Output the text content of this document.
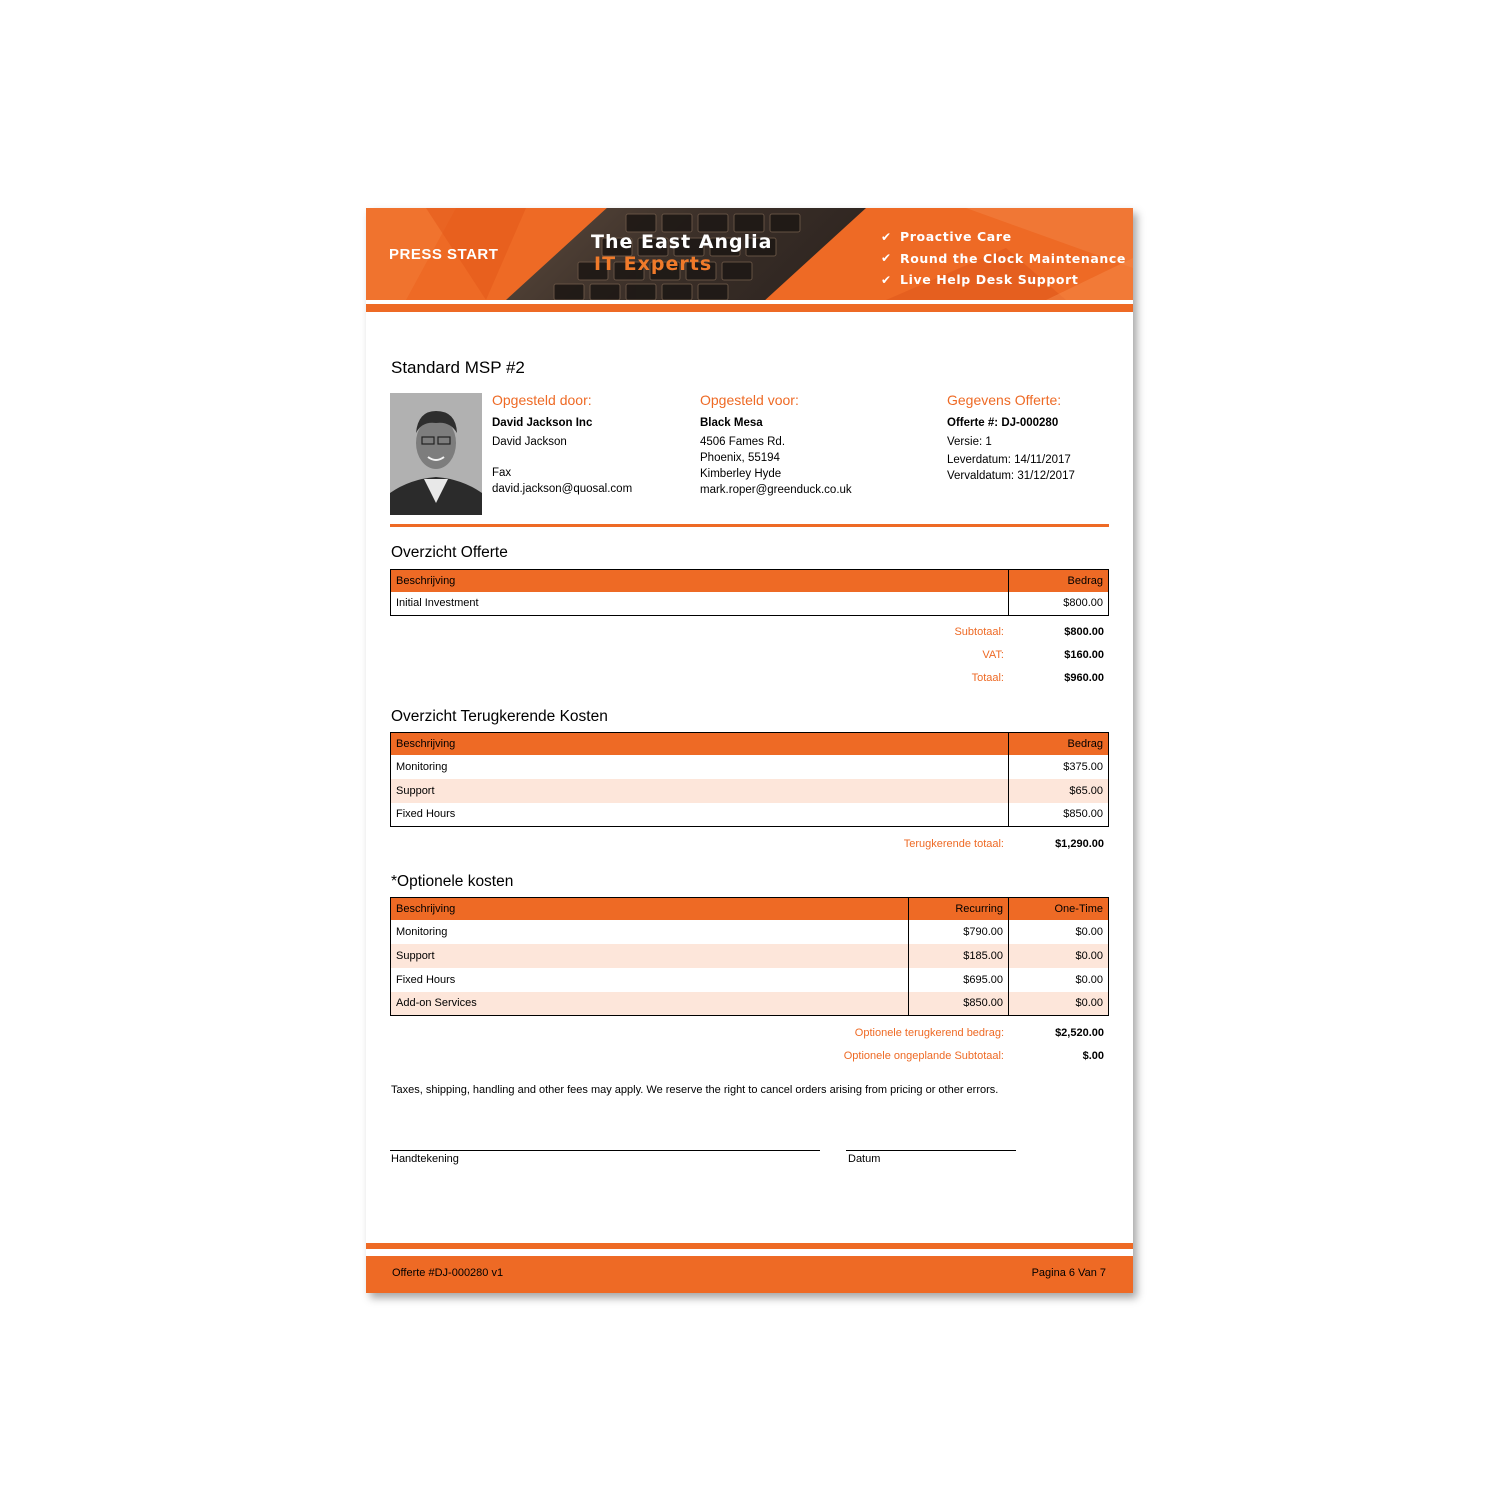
PRESS START
The East Anglia
IT Experts
✔ Proactive Care
✔ Round the Clock Maintenance
✔ Live Help Desk Support
Standard MSP #2
Opgesteld door:
David Jackson Inc
David Jackson
Fax
david.jackson@quosal.com
Opgesteld voor:
Black Mesa
4506 Fames Rd.
Phoenix, 55194
Kimberley Hyde
mark.roper@greenduck.co.uk
Gegevens Offerte:
Offerte #: DJ-000280
Versie: 1
Leverdatum: 14/11/2017
Vervaldatum: 31/12/2017
Overzicht Offerte
Beschrijving	Bedrag
Initial Investment	$800.00
Subtotaal:	$800.00
VAT:	$160.00
Totaal:	$960.00
Overzicht Terugkerende Kosten
Beschrijving	Bedrag
Monitoring	$375.00
Support	$65.00
Fixed Hours	$850.00
Terugkerende totaal:	$1,290.00
*Optionele kosten
Beschrijving	Recurring	One-Time
Monitoring	$790.00	$0.00
Support	$185.00	$0.00
Fixed Hours	$695.00	$0.00
Add-on Services	$850.00	$0.00
Optionele terugkerend bedrag:	$2,520.00
Optionele ongeplande Subtotaal:	$.00
Taxes, shipping, handling and other fees may apply. We reserve the right to cancel orders arising from pricing or other errors.
Handtekening	Datum
Offerte #DJ-000280 v1	Pagina 6 Van 7
